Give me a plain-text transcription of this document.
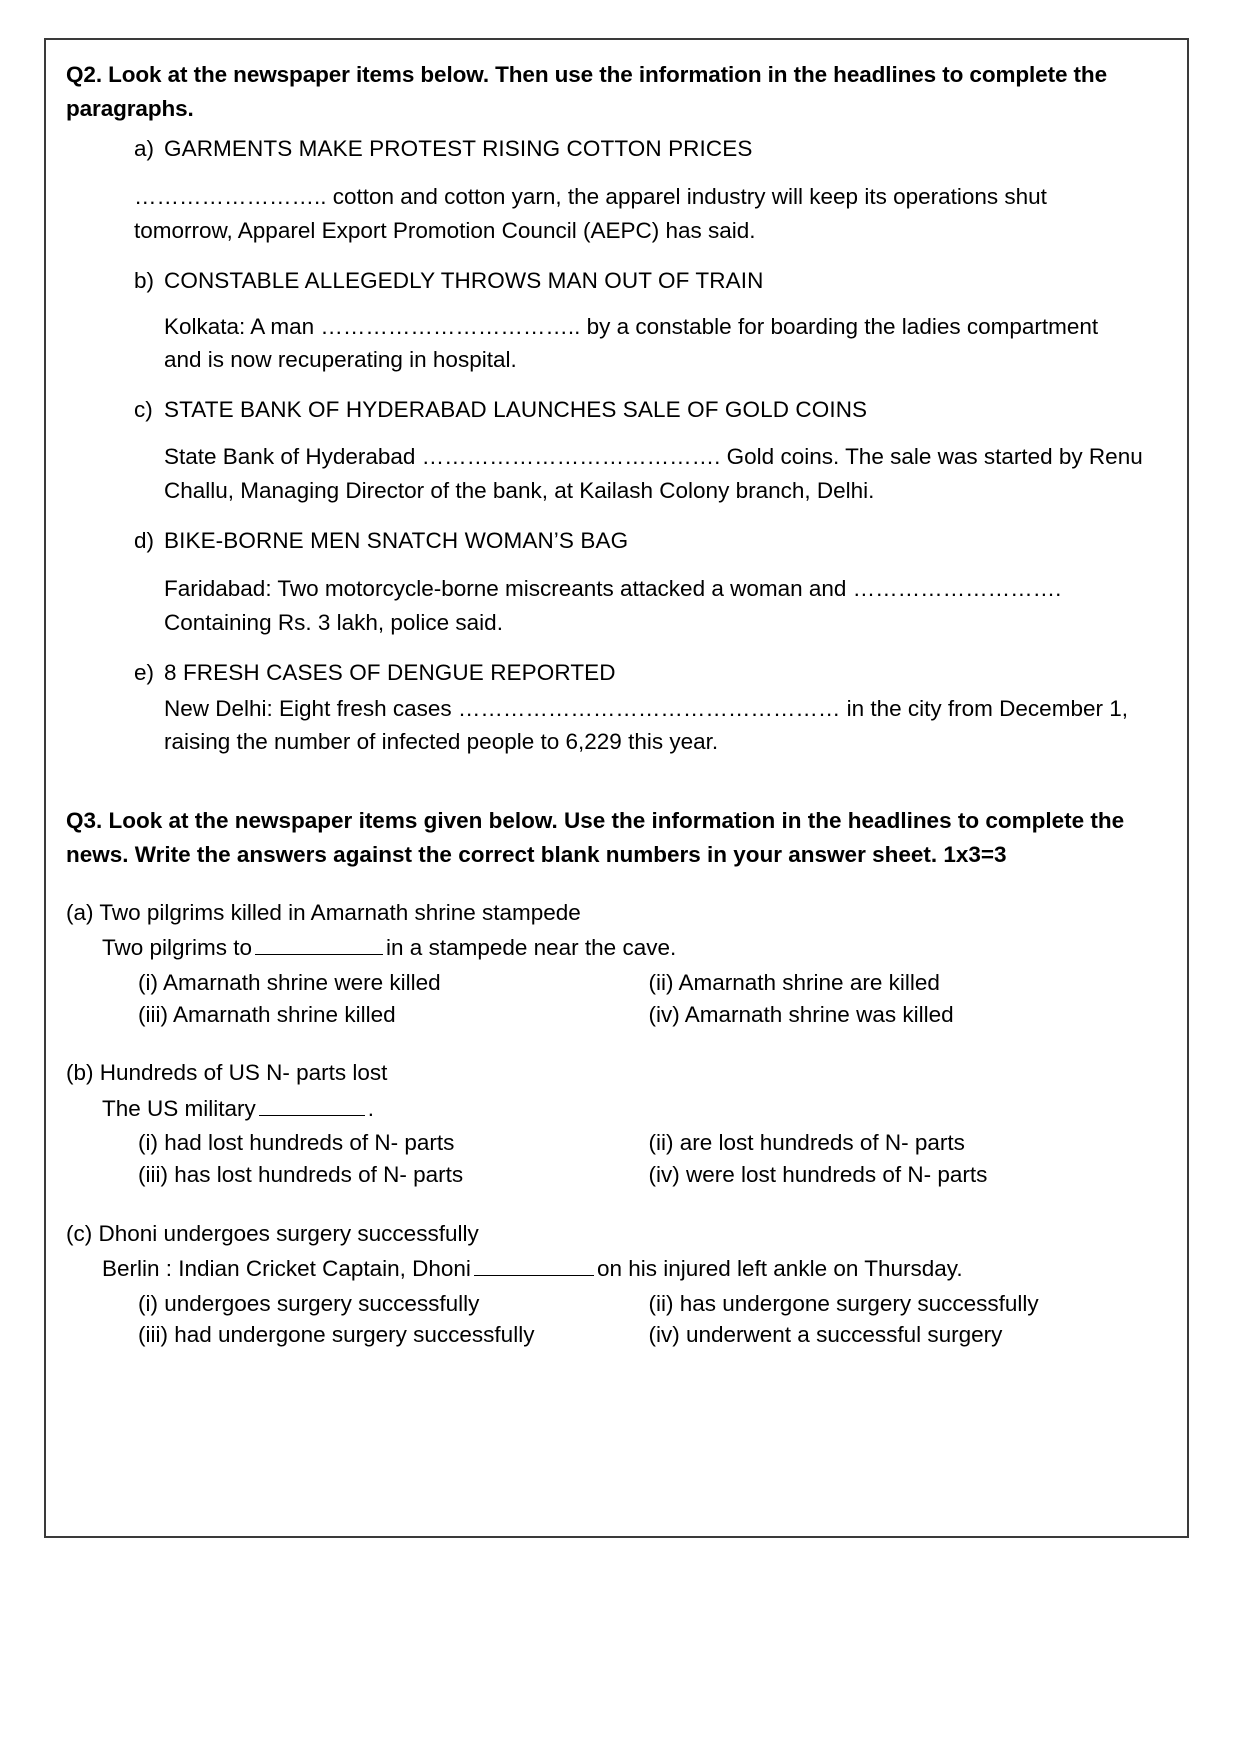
Q2. Look at the newspaper items below. Then use the information in the headlines to complete the paragraphs.
a) GARMENTS MAKE PROTEST RISING COTTON PRICES
…………………….. cotton and cotton yarn, the apparel industry will keep its operations shut tomorrow, Apparel Export Promotion Council (AEPC) has said.
b) CONSTABLE ALLEGEDLY THROWS MAN OUT OF TRAIN
Kolkata: A man …………………………….. by a constable for boarding the ladies compartment and is now recuperating in hospital.
c) STATE BANK OF HYDERABAD LAUNCHES SALE OF GOLD COINS
State Bank of Hyderabad …………………………………. Gold coins. The sale was started by Renu Challu, Managing Director of the bank, at Kailash Colony branch, Delhi.
d) BIKE-BORNE MEN SNATCH WOMAN’S BAG
Faridabad: Two motorcycle-borne miscreants attacked a woman and ………………………. Containing Rs. 3 lakh, police said.
e) 8 FRESH CASES OF DENGUE REPORTED
New Delhi: Eight fresh cases …………………………………………… in the city from December 1, raising the number of infected people to 6,229 this year.
Q3. Look at the newspaper items given below. Use the information in the headlines to complete the news. Write the answers against the correct blank numbers in your answer sheet. 1x3=3
(a) Two pilgrims killed in Amarnath shrine stampede
Two pilgrims to	in a stampede near the cave.
(i) Amarnath shrine were killed	(ii) Amarnath shrine are killed
(iii) Amarnath shrine killed	(iv) Amarnath shrine was killed
(b) Hundreds of US N- parts lost
The US military	.
(i) had lost hundreds of N- parts	(ii) are lost hundreds of N- parts
(iii) has lost hundreds of N- parts	(iv) were lost hundreds of N- parts
(c) Dhoni undergoes surgery successfully
Berlin : Indian Cricket Captain, Dhoni	on his injured left ankle on Thursday.
(i) undergoes surgery successfully	(ii) has undergone surgery successfully
(iii) had undergone surgery successfully	(iv) underwent a successful surgery
